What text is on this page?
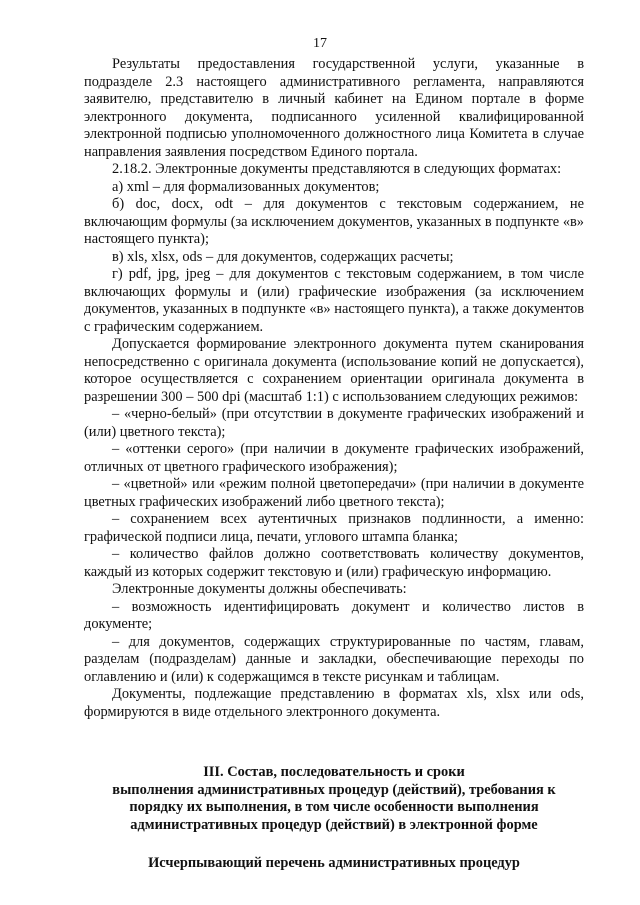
17

Результаты предоставления государственной услуги, указанные в подразделе 2.3 настоящего административного регламента, направляются заявителю, представителю в личный кабинет на Едином портале в форме электронного документа, подписанного усиленной квалифицированной электронной подписью уполномоченного должностного лица Комитета в случае направления заявления посредством Единого портала.

2.18.2. Электронные документы представляются в следующих форматах:

а) xml – для формализованных документов;

б) doc, docx, odt – для документов с текстовым содержанием, не включающим формулы (за исключением документов, указанных в подпункте «в» настоящего пункта);

в) xls, xlsx, ods – для документов, содержащих расчеты;

г) pdf, jpg, jpeg – для документов с текстовым содержанием, в том числе включающих формулы и (или) графические изображения (за исключением документов, указанных в подпункте «в» настоящего пункта), а также документов с графическим содержанием.

Допускается формирование электронного документа путем сканирования непосредственно с оригинала документа (использование копий не допускается), которое осуществляется с сохранением ориентации оригинала документа в разрешении 300 – 500 dpi (масштаб 1:1) с использованием следующих режимов:

– «черно-белый» (при отсутствии в документе графических изображений и (или) цветного текста);

– «оттенки серого» (при наличии в документе графических изображений, отличных от цветного графического изображения);

– «цветной» или «режим полной цветопередачи» (при наличии в документе цветных графических изображений либо цветного текста);

– сохранением всех аутентичных признаков подлинности, а именно: графической подписи лица, печати, углового штампа бланка;

– количество файлов должно соответствовать количеству документов, каждый из которых содержит текстовую и (или) графическую информацию.

Электронные документы должны обеспечивать:

– возможность идентифицировать документ и количество листов в документе;

– для документов, содержащих структурированные по частям, главам, разделам (подразделам) данные и закладки, обеспечивающие переходы по оглавлению и (или) к содержащимся в тексте рисункам и таблицам.

Документы, подлежащие представлению в форматах xls, xlsx или ods, формируются в виде отдельного электронного документа.

III. Состав, последовательность и сроки
выполнения административных процедур (действий), требования к
порядку их выполнения, в том числе особенности выполнения
административных процедур (действий) в электронной форме
Исчерпывающий перечень административных процедур
